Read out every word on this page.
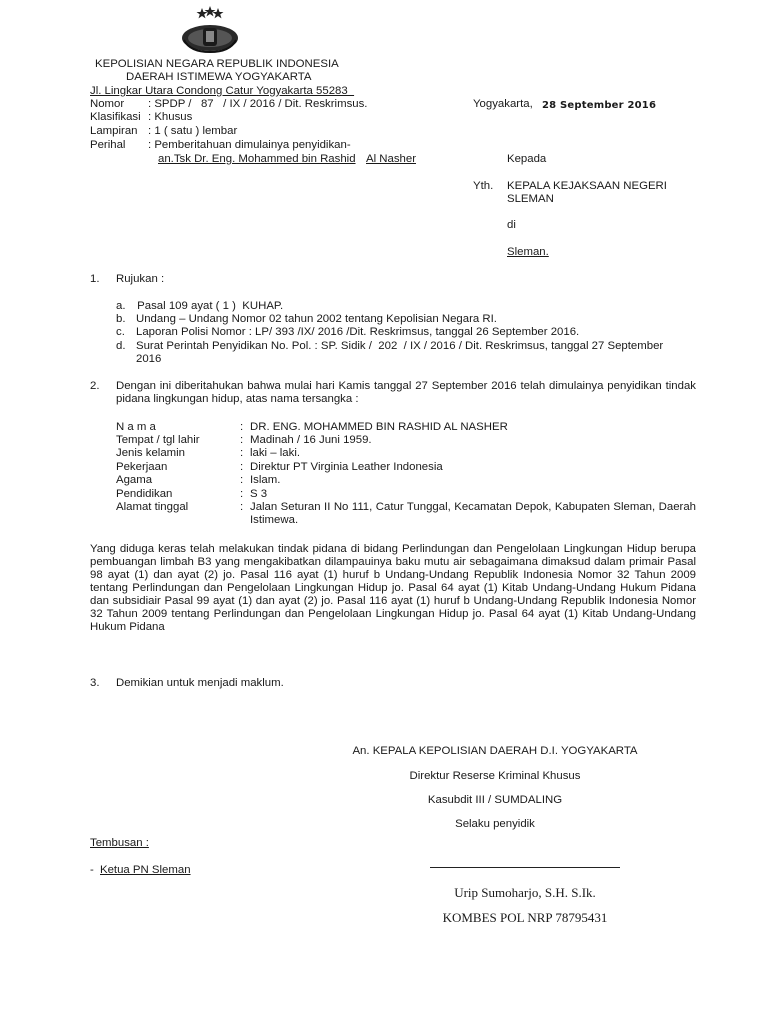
KEPOLISIAN NEGARA REPUBLIK INDONESIA
DAERAH ISTIMEWA YOGYAKARTA
Jl. Lingkar Utara Condong Catur Yogyakarta 55283
Nomor : SPDP /   87   / IX / 2016 / Dit. Reskrimsus.
Klasifikasi : Khusus
Lampiran : 1 ( satu ) lembar
Perihal : Pemberitahuan dimulainya penyidikan-
an.Tsk Dr. Eng. Mohammed bin Rashid Al Nasher
Yogyakarta, 28 September 2016
Kepada
Yth. KEPALA KEJAKSAAN NEGERI
SLEMAN
di
Sleman.
1. Rujukan :
a. Pasal 109 ayat ( 1 )  KUHAP.
b. Undang – Undang Nomor 02 tahun 2002 tentang Kepolisian Negara RI.
c. Laporan Polisi Nomor : LP/ 393 /IX/ 2016 /Dit. Reskrimsus, tanggal 26 September 2016.
d. Surat Perintah Penyidikan No. Pol. : SP. Sidik /  202  / IX / 2016 / Dit. Reskrimsus, tanggal 27 September
2016
2. Dengan ini diberitahukan bahwa mulai hari Kamis tanggal 27 September 2016 telah dimulainya penyidikan tindak pidana lingkungan hidup, atas nama tersangka :
N a m a	: DR. ENG. MOHAMMED BIN RASHID AL NASHER
Tempat / tgl lahir	: Madinah / 16 Juni 1959.
Jenis kelamin	: laki – laki.
Pekerjaan	: Direktur PT Virginia Leather Indonesia
Agama	: Islam.
Pendidikan	: S 3
Alamat tinggal	: Jalan Seturan II No 111, Catur Tunggal, Kecamatan Depok, Kabupaten Sleman, Daerah Istimewa.
Yang diduga keras telah melakukan tindak pidana di bidang Perlindungan dan Pengelolaan Lingkungan Hidup berupa pembuangan limbah B3 yang mengakibatkan dilampauinya baku mutu air sebagaimana dimaksud dalam primair Pasal 98 ayat (1) dan ayat (2) jo. Pasal 116 ayat (1) huruf b Undang-Undang Republik Indonesia Nomor 32 Tahun 2009 tentang Perlindungan dan Pengelolaan Lingkungan Hidup jo. Pasal 64 ayat (1) Kitab Undang-Undang Hukum Pidana dan subsidiair Pasal 99 ayat (1) dan ayat (2) jo. Pasal 116 ayat (1) huruf b Undang-Undang Republik Indonesia Nomor 32 Tahun 2009 tentang Perlindungan dan Pengelolaan Lingkungan Hidup jo. Pasal 64 ayat (1) Kitab Undang-Undang Hukum Pidana
3. Demikian untuk menjadi maklum.
An. KEPALA KEPOLISIAN DAERAH D.I. YOGYAKARTA
Direktur Reserse Kriminal Khusus
Kasubdit III / SUMDALING
Selaku penyidik
Urip Sumoharjo, S.H. S.Ik.
KOMBES POL NRP 78795431
Tembusan :
- Ketua PN Sleman
